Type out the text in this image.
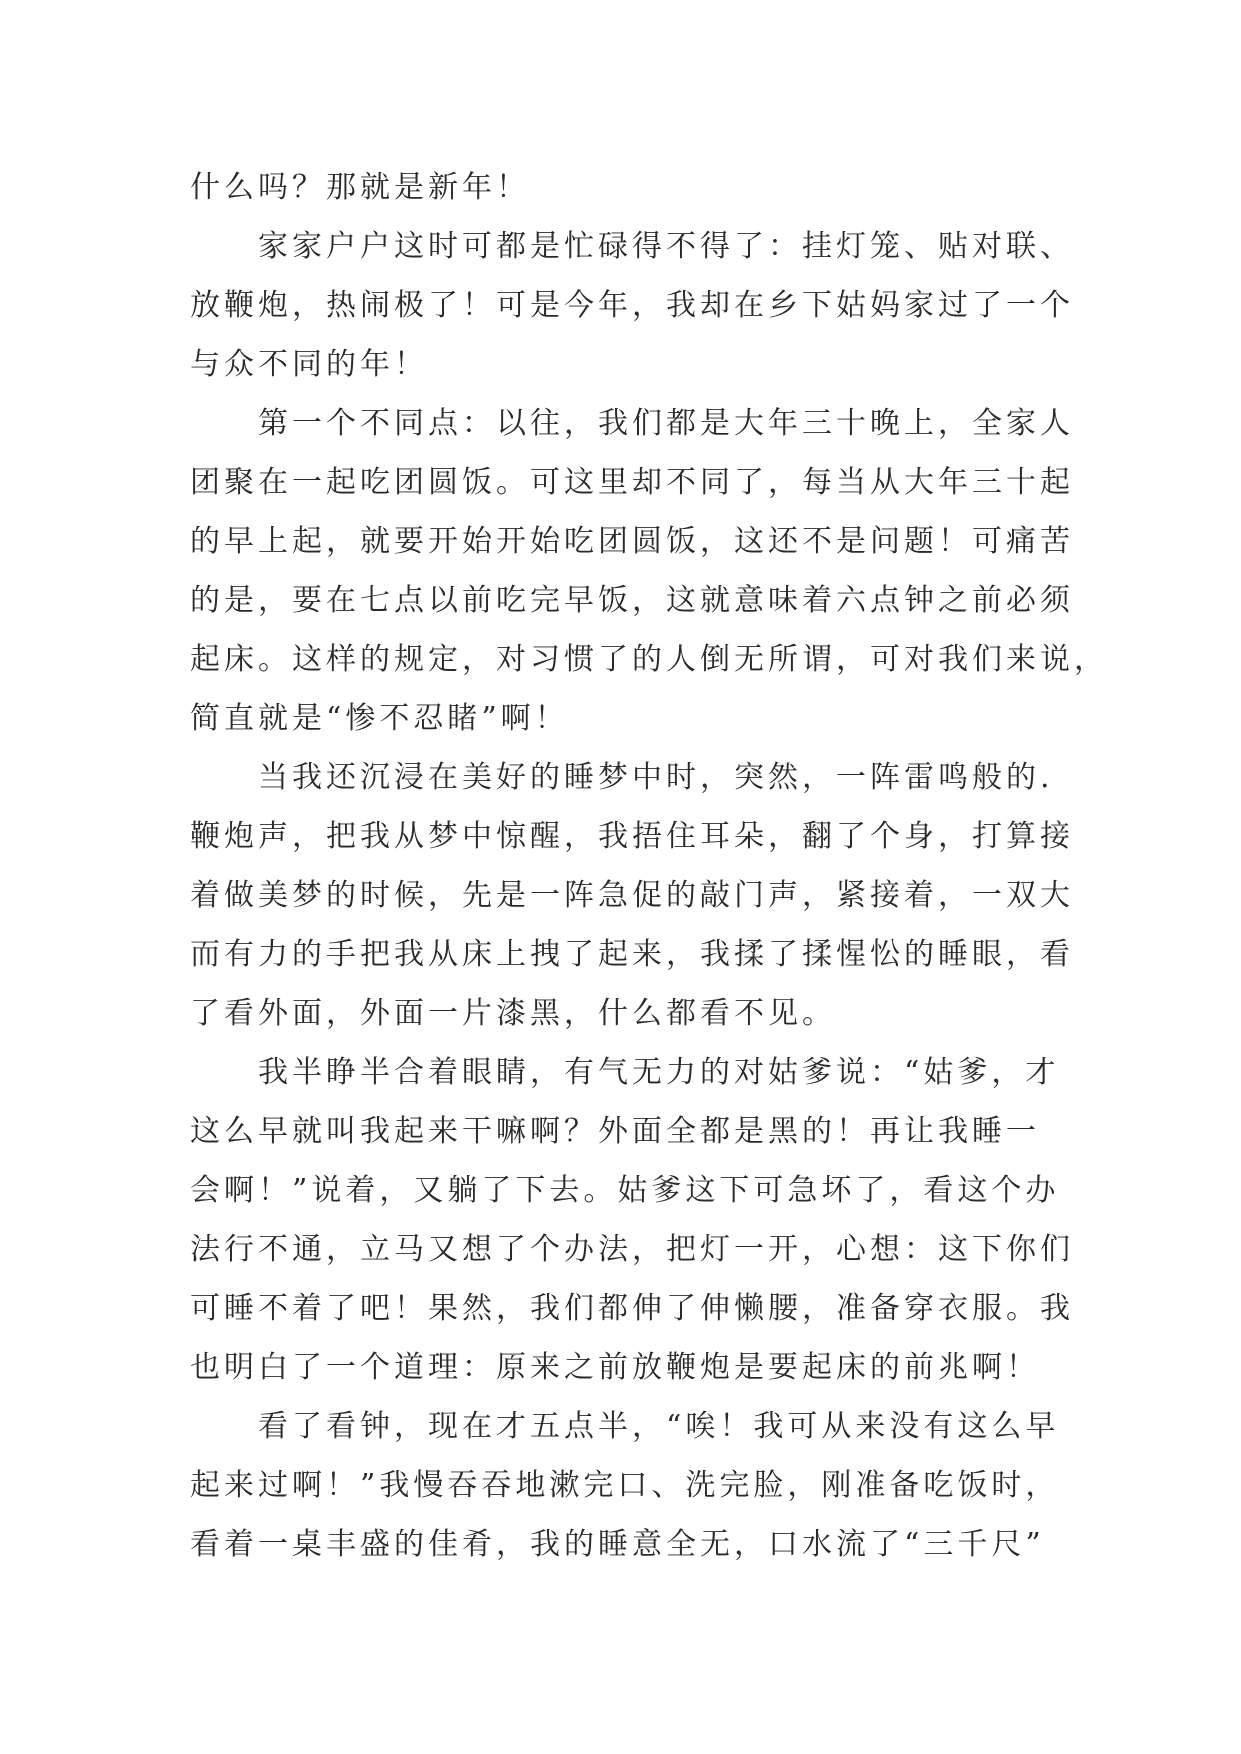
什么吗？那就是新年！
家家户户这时可都是忙碌得不得了：挂灯笼、贴对联、
放鞭炮，热闹极了！可是今年，我却在乡下姑妈家过了一个
与众不同的年！
第一个不同点：以往，我们都是大年三十晚上，全家人
团聚在一起吃团圆饭。可这里却不同了，每当从大年三十起
的早上起，就要开始开始吃团圆饭，这还不是问题！可痛苦
的是，要在七点以前吃完早饭，这就意味着六点钟之前必须
起床。这样的规定，对习惯了的人倒无所谓，可对我们来说，
简直就是“惨不忍睹”啊！
当我还沉浸在美好的睡梦中时，突然，一阵雷鸣般的.
鞭炮声，把我从梦中惊醒，我捂住耳朵，翻了个身，打算接
着做美梦的时候，先是一阵急促的敲门声，紧接着，一双大
而有力的手把我从床上拽了起来，我揉了揉惺忪的睡眼，看
了看外面，外面一片漆黑，什么都看不见。
我半睁半合着眼睛，有气无力的对姑爹说：“姑爹，才
这么早就叫我起来干嘛啊？外面全都是黑的！再让我睡一
会啊！”说着，又躺了下去。姑爹这下可急坏了，看这个办
法行不通，立马又想了个办法，把灯一开，心想：这下你们
可睡不着了吧！果然，我们都伸了伸懒腰，准备穿衣服。我
也明白了一个道理：原来之前放鞭炮是要起床的前兆啊！
看了看钟，现在才五点半，“唉！我可从来没有这么早
起来过啊！”我慢吞吞地漱完口、洗完脸，刚准备吃饭时，
看着一桌丰盛的佳肴，我的睡意全无，口水流了“三千尺”
